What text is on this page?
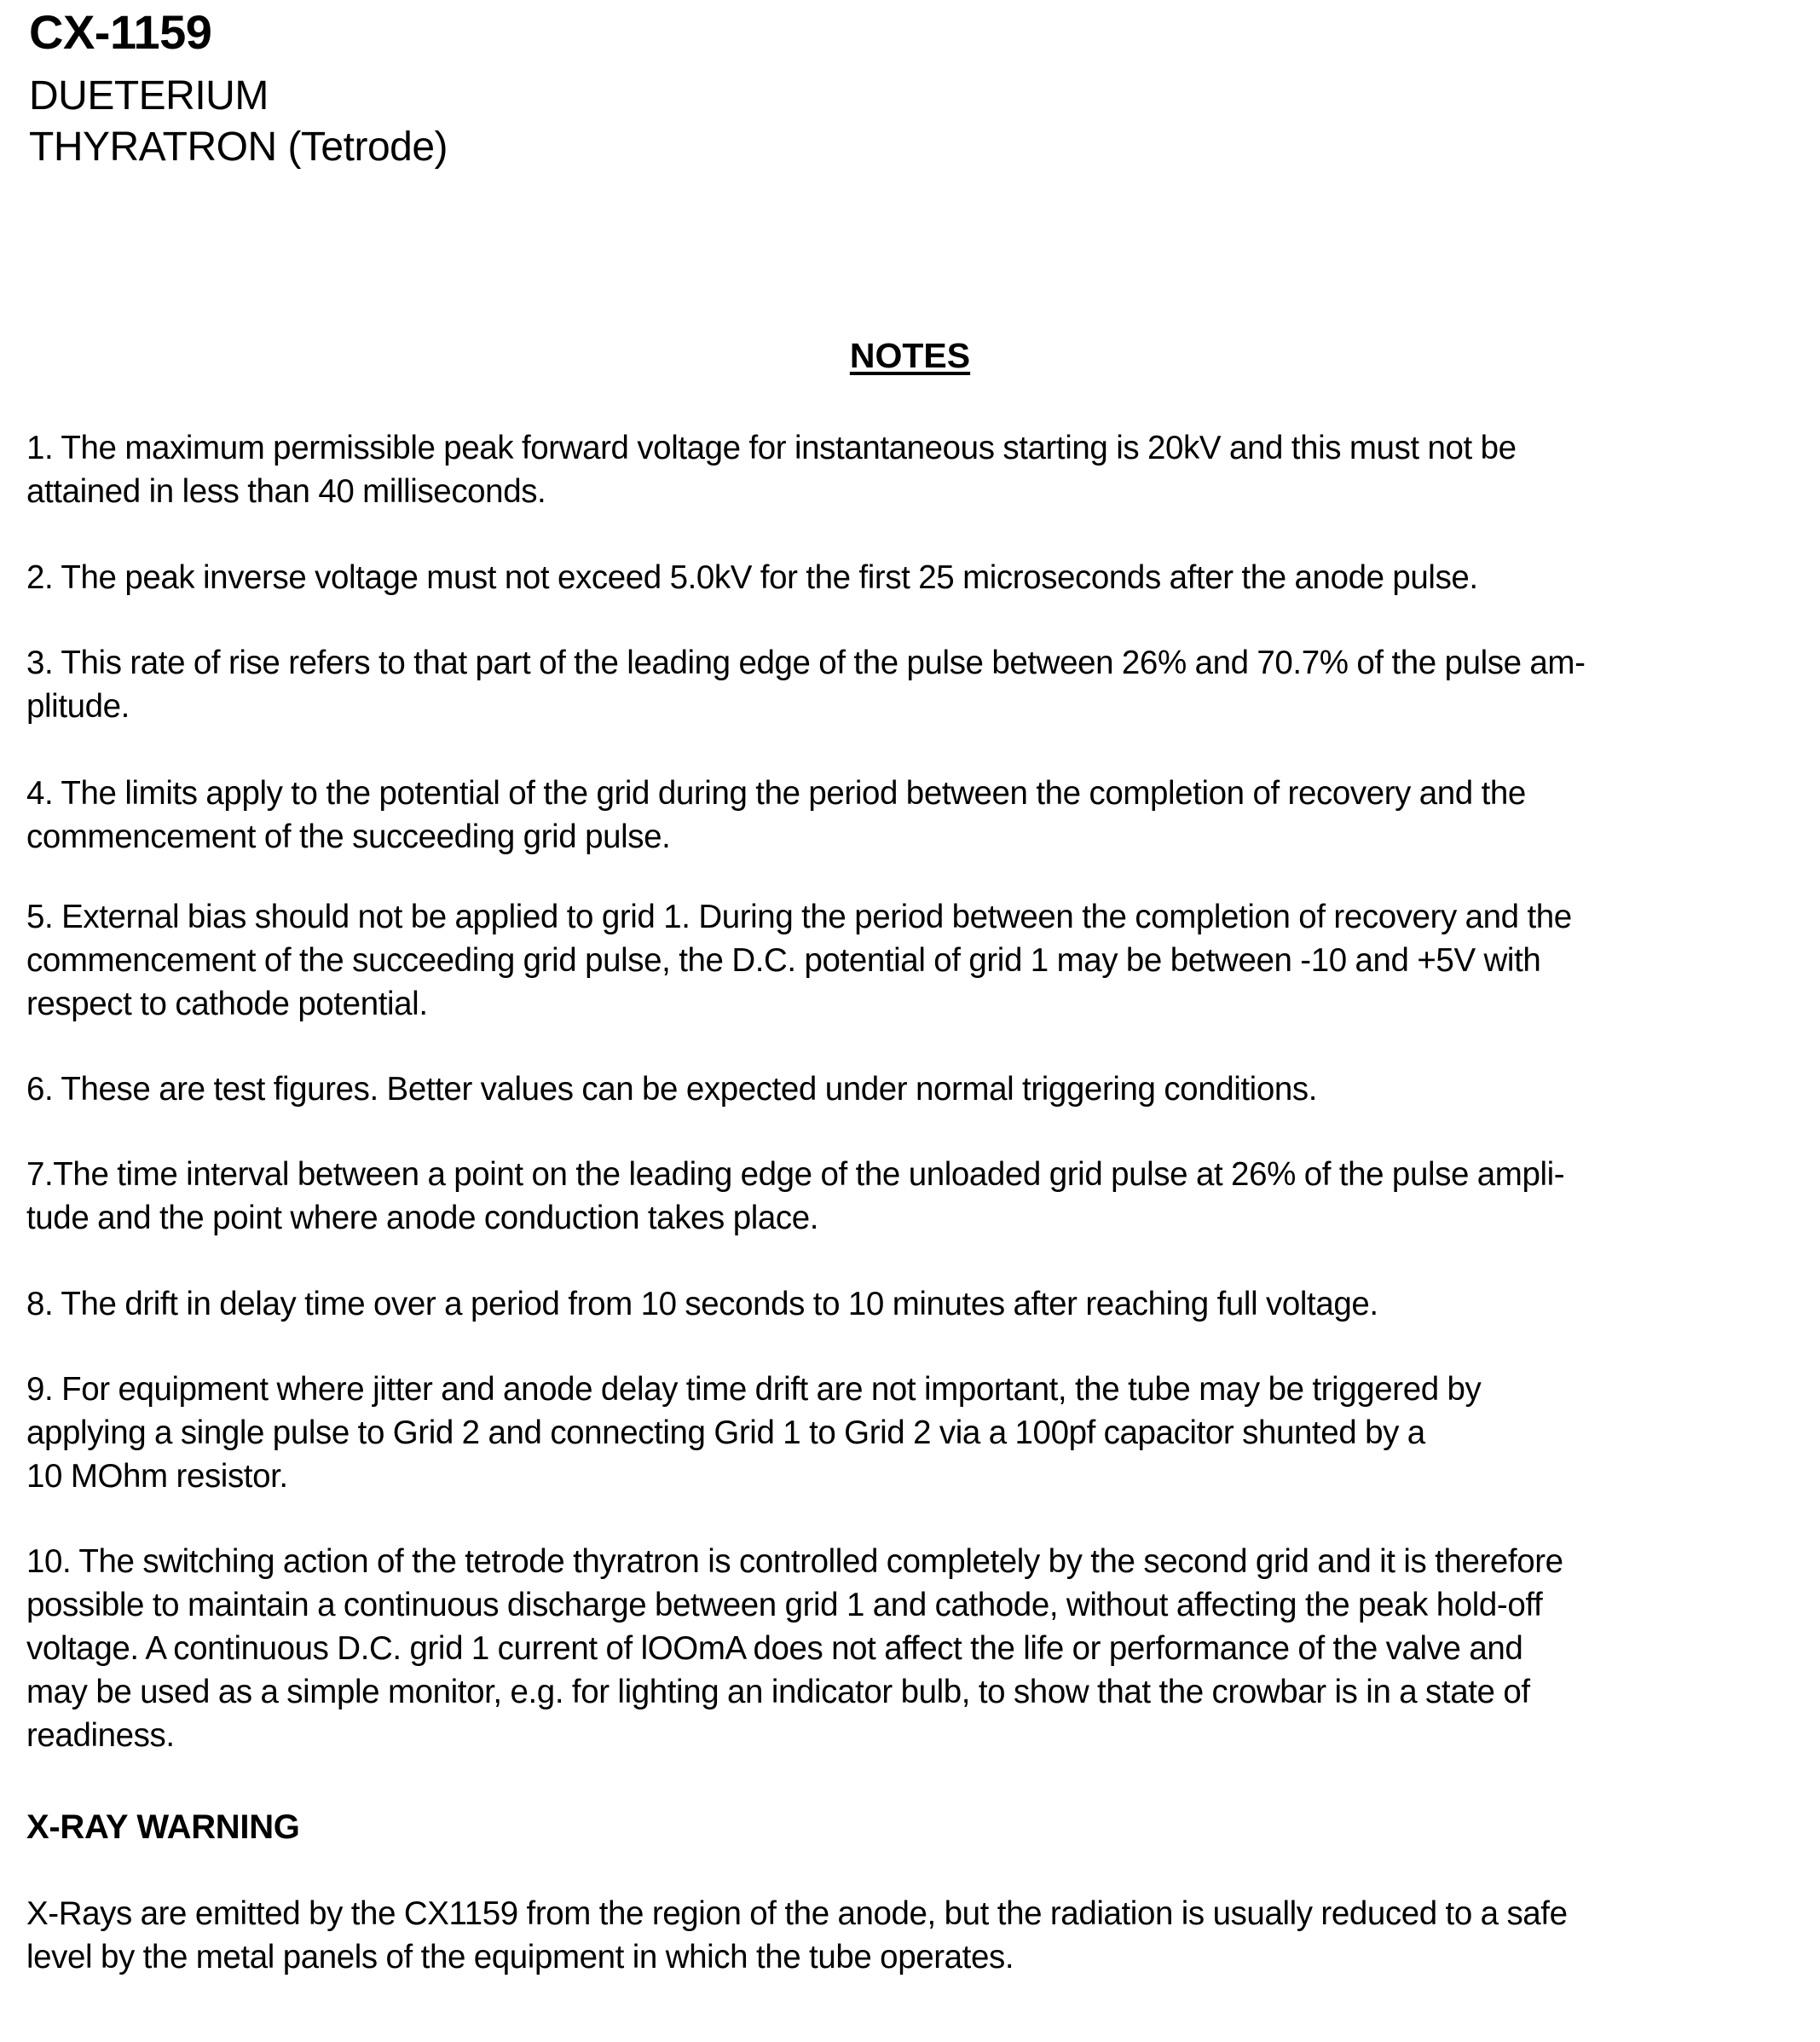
CX-1159
DUETERIUM
THYRATRON (Tetrode)
NOTES

1. The maximum permissible peak forward voltage for instantaneous starting is 20kV and this must not be
attained in less than 40 milliseconds.

2. The peak inverse voltage must not exceed 5.0kV for the first 25 microseconds after the anode pulse.

3. This rate of rise refers to that part of the leading edge of the pulse between 26% and 70.7% of the pulse am-
plitude.

4. The limits apply to the potential of the grid during the period between the completion of recovery and the
commencement of the succeeding grid pulse.

5. External bias should not be applied to grid 1. During the period between the completion of recovery and the
commencement of the succeeding grid pulse, the D.C. potential of grid 1 may be between -10 and +5V with
respect to cathode potential.

6. These are test figures. Better values can be expected under normal triggering conditions.

7.The time interval between a point on the leading edge of the unloaded grid pulse at 26% of the pulse ampli-
tude and the point where anode conduction takes place.

8. The drift in delay time over a period from 10 seconds to 10 minutes after reaching full voltage.

9. For equipment where jitter and anode delay time drift are not important, the tube may be triggered by
applying a single pulse to Grid 2 and connecting Grid 1 to Grid 2 via a 100pf capacitor shunted by a
10 MOhm resistor.

10. The switching action of the tetrode thyratron is controlled completely by the second grid and it is therefore
possible to maintain a continuous discharge between grid 1 and cathode, without affecting the peak hold-off
voltage. A continuous D.C. grid 1 current of lOOmA does not affect the life or performance of the valve and
may be used as a simple monitor, e.g. for lighting an indicator bulb, to show that the crowbar is in a state of
readiness.

X-RAY WARNING

X-Rays are emitted by the CX1159 from the region of the anode, but the radiation is usually reduced to a safe
level by the metal panels of the equipment in which the tube operates.
